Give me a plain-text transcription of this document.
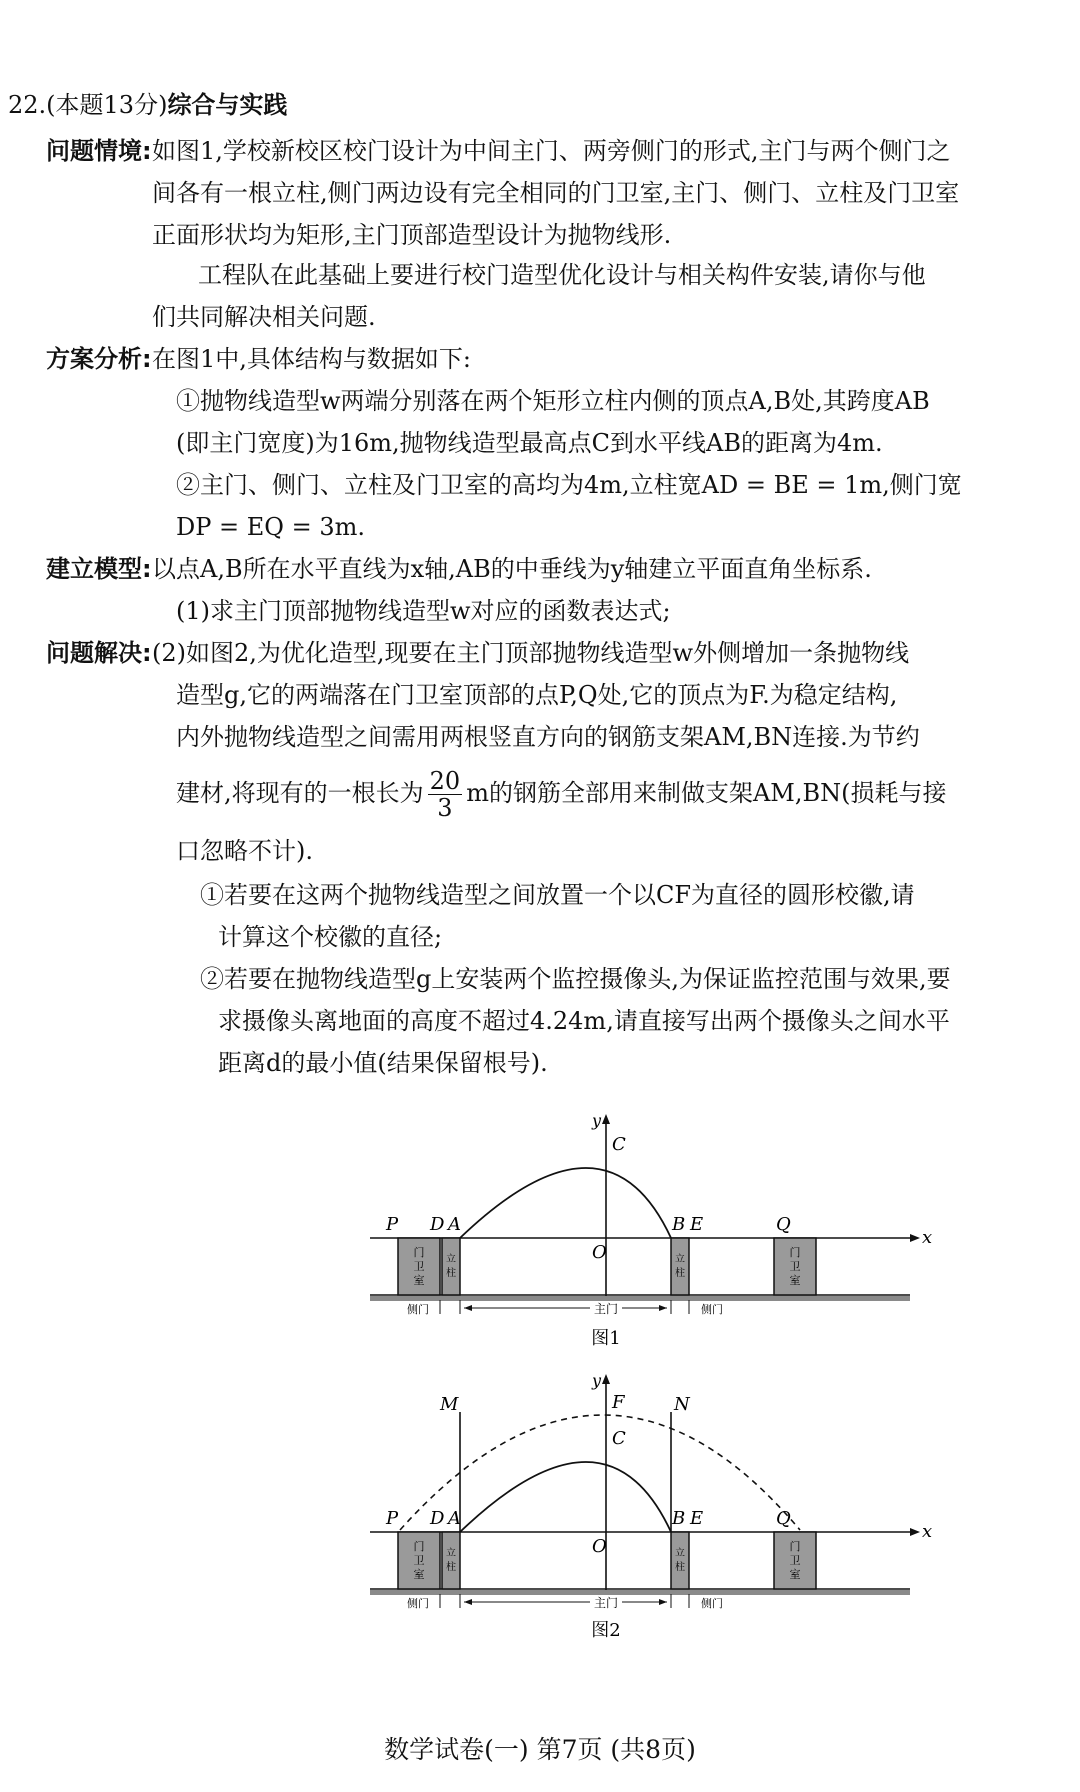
22.(本题13分)综合与实践
问题情境: 如图1,学校新校区校门设计为中间主门、两旁侧门的形式,主门与两个侧门之
间各有一根立柱,侧门两边设有完全相同的门卫室,主门、侧门、立柱及门卫室
正面形状均为矩形,主门顶部造型设计为抛物线形.
工程队在此基础上要进行校门造型优化设计与相关构件安装,请你与他
们共同解决相关问题.
方案分析: 在图1中,具体结构与数据如下:
①抛物线造型w两端分别落在两个矩形立柱内侧的顶点A,B处,其跨度AB
(即主门宽度)为16m,抛物线造型最高点C到水平线AB的距离为4m.
②主门、侧门、立柱及门卫室的高均为4m,立柱宽AD = BE = 1m,侧门宽
DP = EQ = 3m.
建立模型: 以点A,B所在水平直线为x轴,AB的中垂线为y轴建立平面直角坐标系.
(1)求主门顶部抛物线造型w对应的函数表达式;
问题解决: (2)如图2,为优化造型,现要在主门顶部抛物线造型w外侧增加一条抛物线
造型g,它的两端落在门卫室顶部的点P,Q处,它的顶点为F.为稳定结构,
内外抛物线造型之间需用两根竖直方向的钢筋支架AM,BN连接.为节约
建材,将现有的一根长为 $\frac{20}{3}$ m的钢筋全部用来制做支架AM,BN(损耗与接
口忽略不计).
①若要在这两个抛物线造型之间放置一个以CF为直径的圆形校徽,请
计算这个校徽的直径;
②若要在抛物线造型g上安装两个监控摄像头,为保证监控范围与效果,要
求摄像头离地面的高度不超过4.24m,请直接写出两个摄像头之间水平
距离d的最小值(结果保留根号).
x
y
门
卫
室
门
卫
室
立
柱
立
柱
主门
侧门	侧门
P D A
O
C
B E	Q
图1
x
y
门
卫
室
门
卫
室
立
柱
立
柱
主门
侧门	侧门
P D A
O
C
F
M	N
B E	Q
图2
数学试卷(一) 第7页 (共8页)
